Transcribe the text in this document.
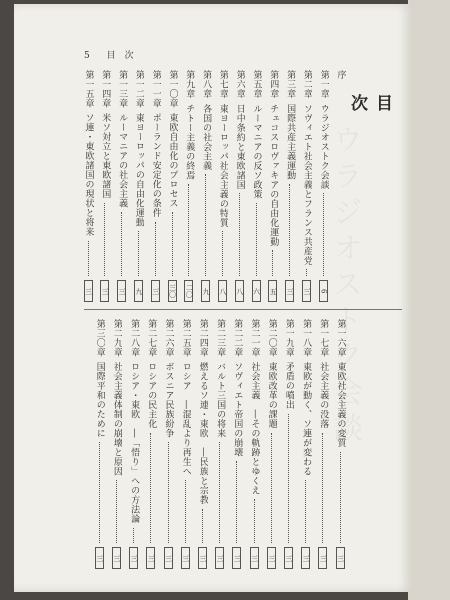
5 目　次
目　次
序
第一章
ウラジオストク会談
6
第二章
ソヴィエト社会主義とフランス共産党
三
第三章
国際共産主義運動
三
第四章
チェコスロヴァキアの自由化運動
五
第五章
ルーマニアの反ソ政策
六
第六章
日中条約と東欧諸国
八
第七章
東ヨーロッパ社会主義の特質
八
第八章
各国の社会主義
九
第九章
チトー主義の終焉
二〇
第一〇章
東欧自由化のプロセス
三〇
第一一章
ポーランド安定化の条件
三
第一二章
東ヨーロッパの自由化運動
九
第一三章
ルーマニアの社会主義
三
第一四章
米ソ対立と東欧諸国
三
第一五章
ソ連・東欧諸国の現状と将来
三
第一六章
東欧社会主義の変質
三
第一七章
社会主義の没落
三
第一八章
東欧が動く、ソ連が変わる
三
第一九章
矛盾の噴出
三
第二〇章
東欧改革の課題
三
第二一章
社会主義　―その軌跡とゆくえ
三
第二二章
ソヴィエト帝国の崩壊
三
第二三章
バルト三国の将来
三
第二四章
燃えるソ連・東欧　―民族と宗教
三
第二五章
ロシア　―混乱より再生へ
三
第二六章
ボスニア民族紛争
三
第二七章
ロシアの民主化
三
第二八章
ロシア・東欧　―「悟り」への方法論
三
第二九章
社会主義体制の崩壊と原因
三
第三〇章
国際平和のために
三
